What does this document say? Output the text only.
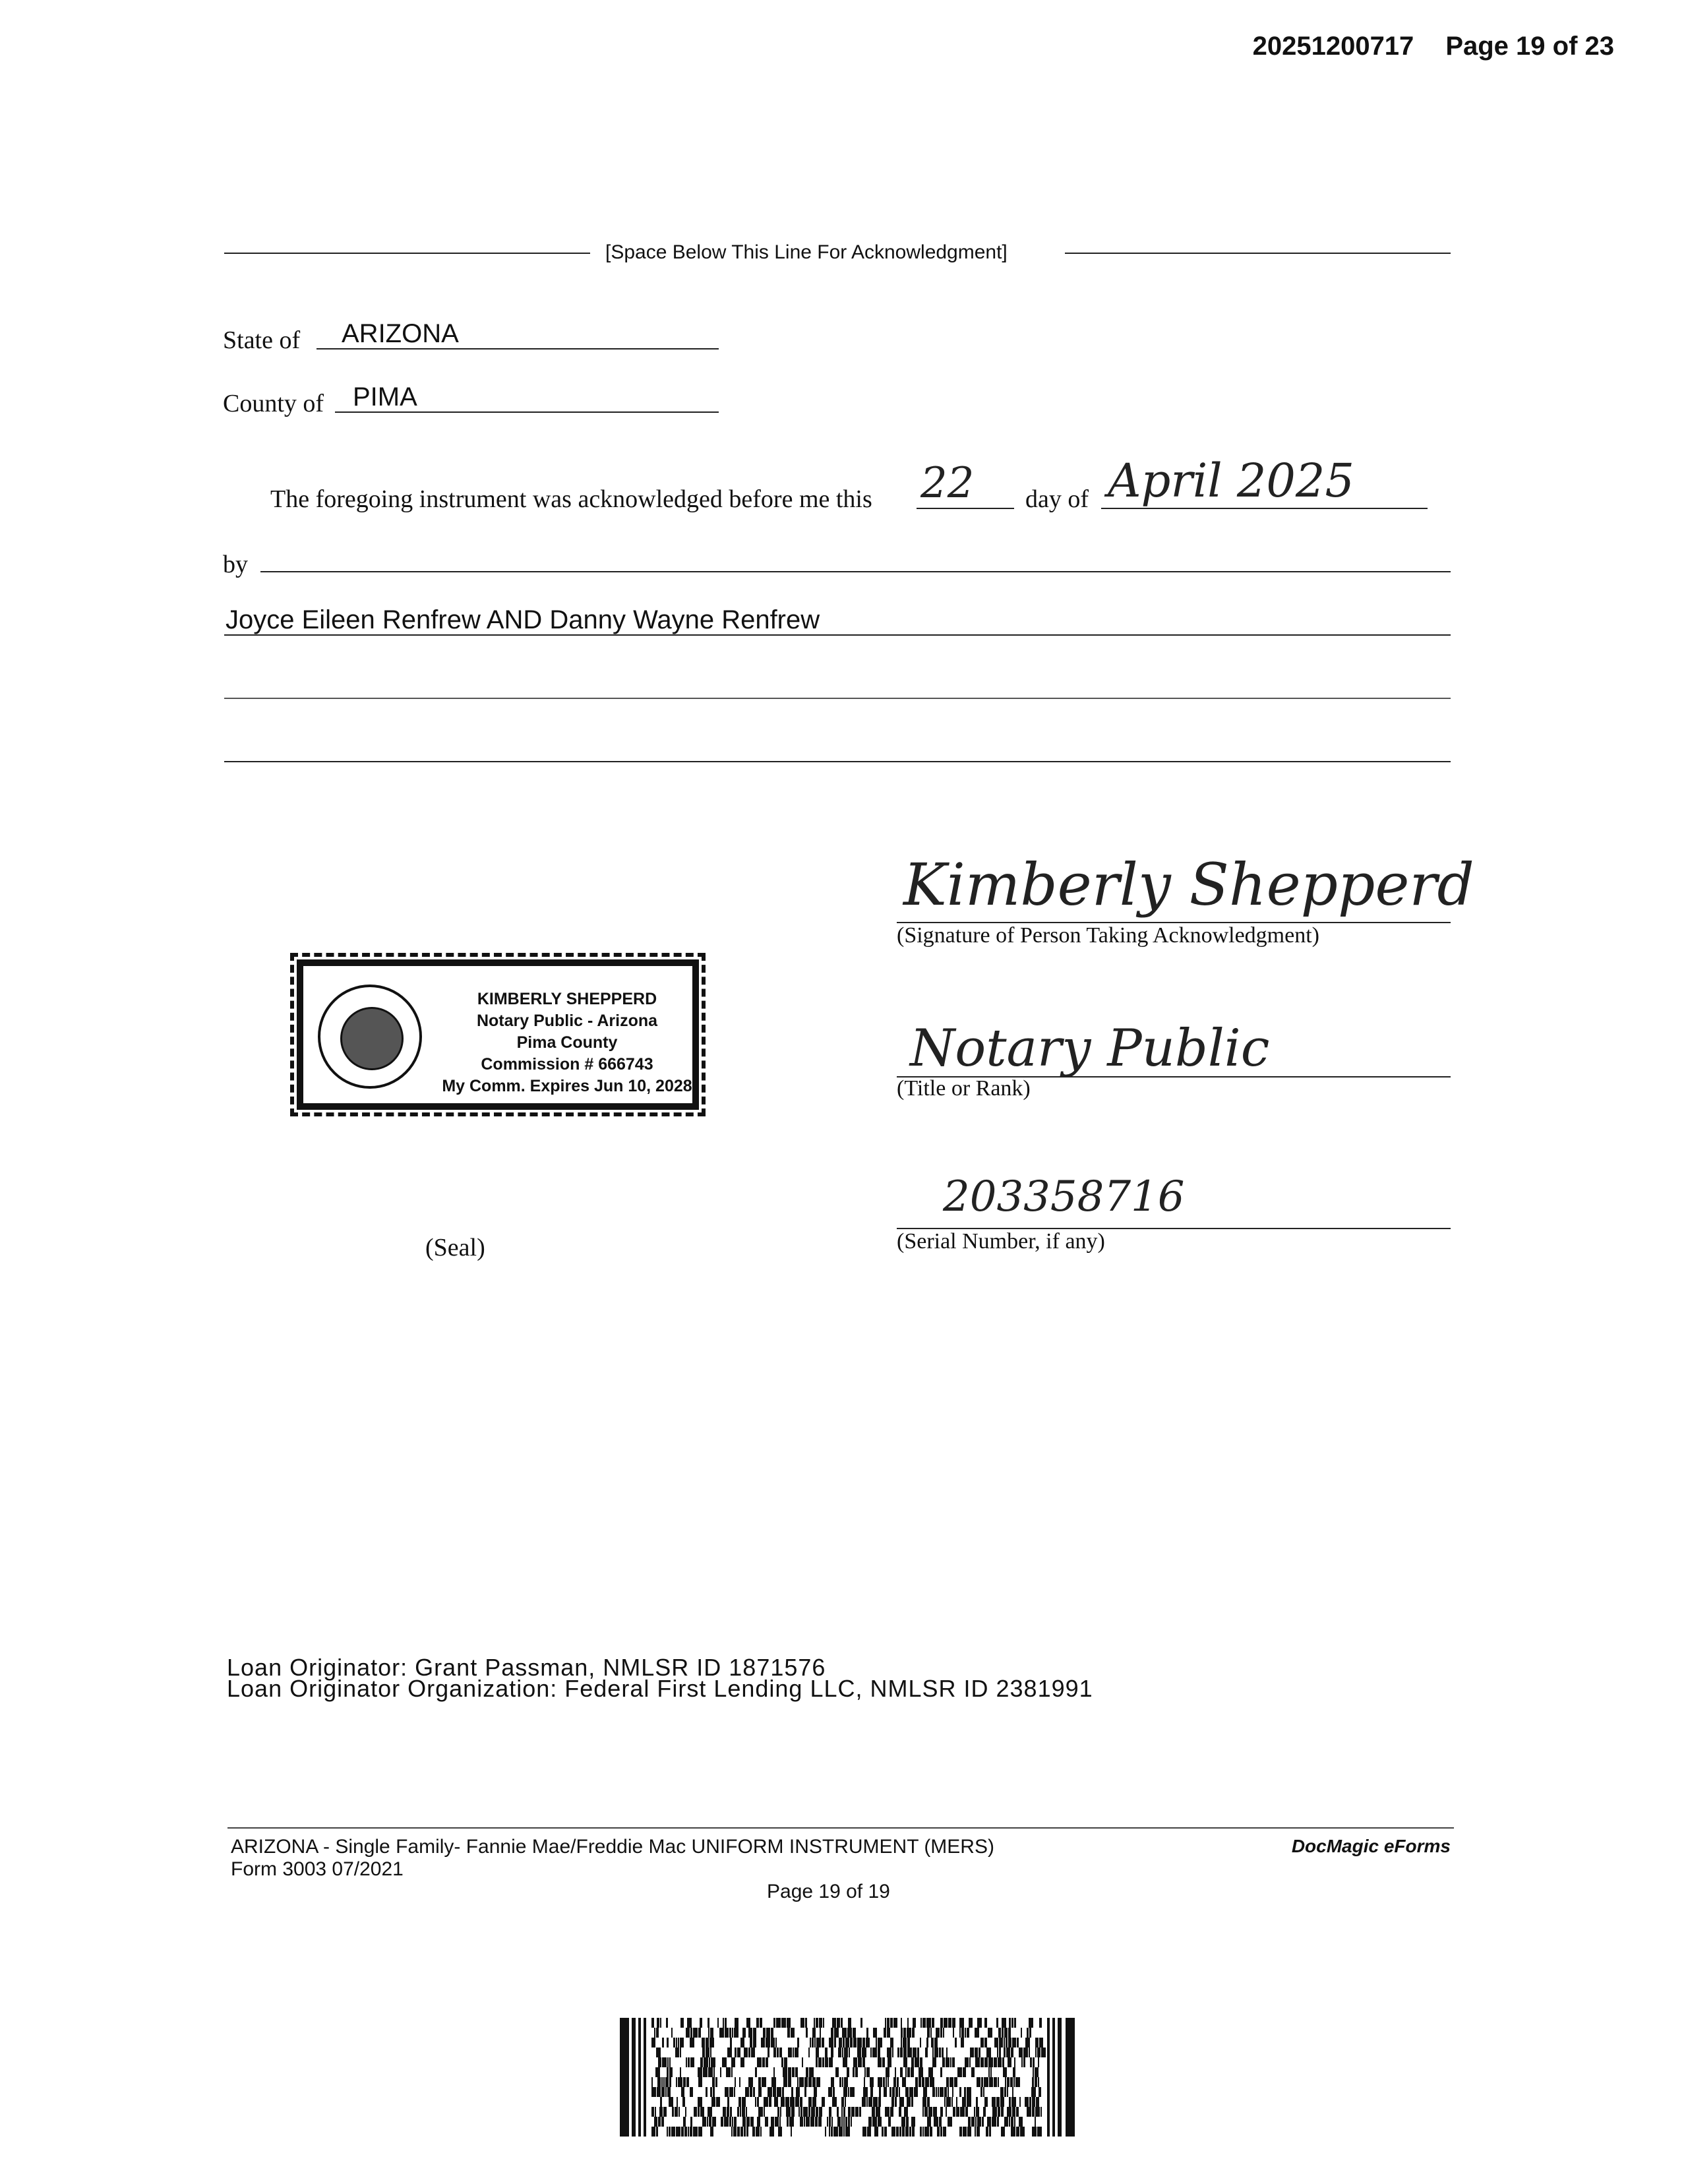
20251200717 Page 19 of 23
[Space Below This Line For Acknowledgment]
State of ARIZONA
County of PIMA
The foregoing instrument was acknowledged before me this 22 day of April 2025
by
Joyce Eileen Renfrew AND Danny Wayne Renfrew
Kimberly Shepperd
(Signature of Person Taking Acknowledgment)
KIMBERLY SHEPPERD
Notary Public - Arizona
Pima County
Commission # 666743
My Comm. Expires Jun 10, 2028
Notary Public
(Title or Rank)
203358716
(Serial Number, if any)
(Seal)
Loan Originator: Grant Passman, NMLSR ID 1871576
Loan Originator Organization: Federal First Lending LLC, NMLSR ID 2381991
ARIZONA - Single Family- Fannie Mae/Freddie Mac UNIFORM INSTRUMENT (MERS)
Form 3003 07/2021
DocMagic eForms
Page 19 of 19
